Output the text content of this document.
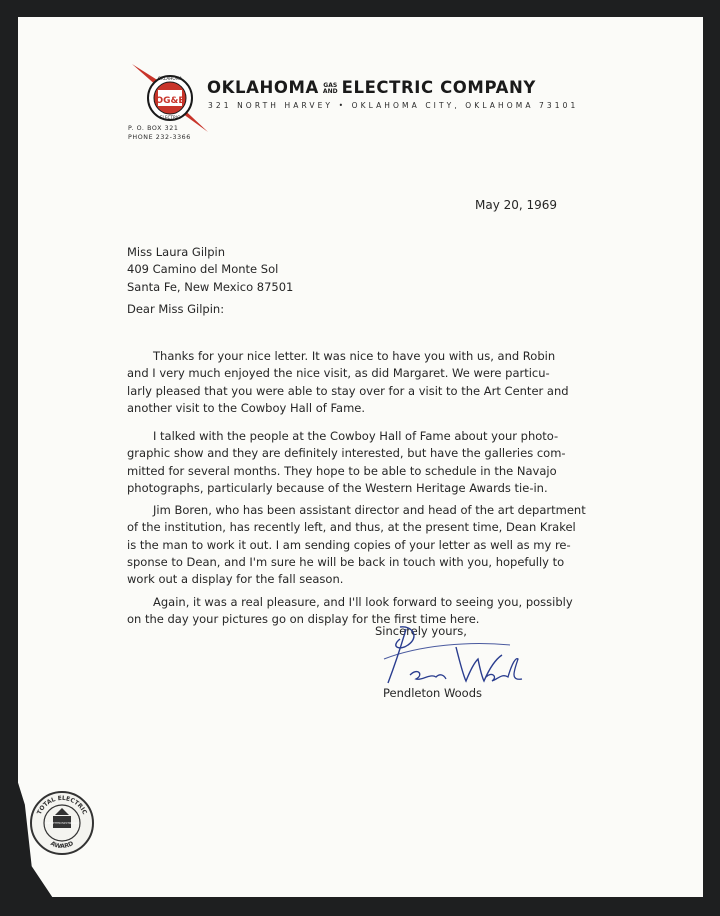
OG&E
OKLAHOMA
ELECTRIC
OKLAHOMA GAS
AND ELECTRIC COMPANY
321 NORTH HARVEY • OKLAHOMA CITY, OKLAHOMA 73101
P. O. BOX 321
PHONE 232-3366
May 20, 1969
Miss Laura Gilpin
409 Camino del Monte Sol
Santa Fe, New Mexico 87501
Dear Miss Gilpin:
Thanks for your nice letter. It was nice to have you with us, and Robin
and I very much enjoyed the nice visit, as did Margaret. We were particu-
larly pleased that you were able to stay over for a visit to the Art Center and
another visit to the Cowboy Hall of Fame.
I talked with the people at the Cowboy Hall of Fame about your photo-
graphic show and they are definitely interested, but have the galleries com-
mitted for several months. They hope to be able to schedule in the Navajo
photographs, particularly because of the Western Heritage Awards tie-in.
Jim Boren, who has been assistant director and head of the art department
of the institution, has recently left, and thus, at the present time, Dean Krakel
is the man to work it out. I am sending copies of your letter as well as my re-
sponse to Dean, and I'm sure he will be back in touch with you, hopefully to
work out a display for the fall season.
Again, it was a real pleasure, and I'll look forward to seeing you, possibly
on the day your pictures go on display for the first time here.
Sincerely yours,
Pendleton Woods
TOTAL ELECTRIC
AWARD
LIVE BETTER ELECTRICALLY
